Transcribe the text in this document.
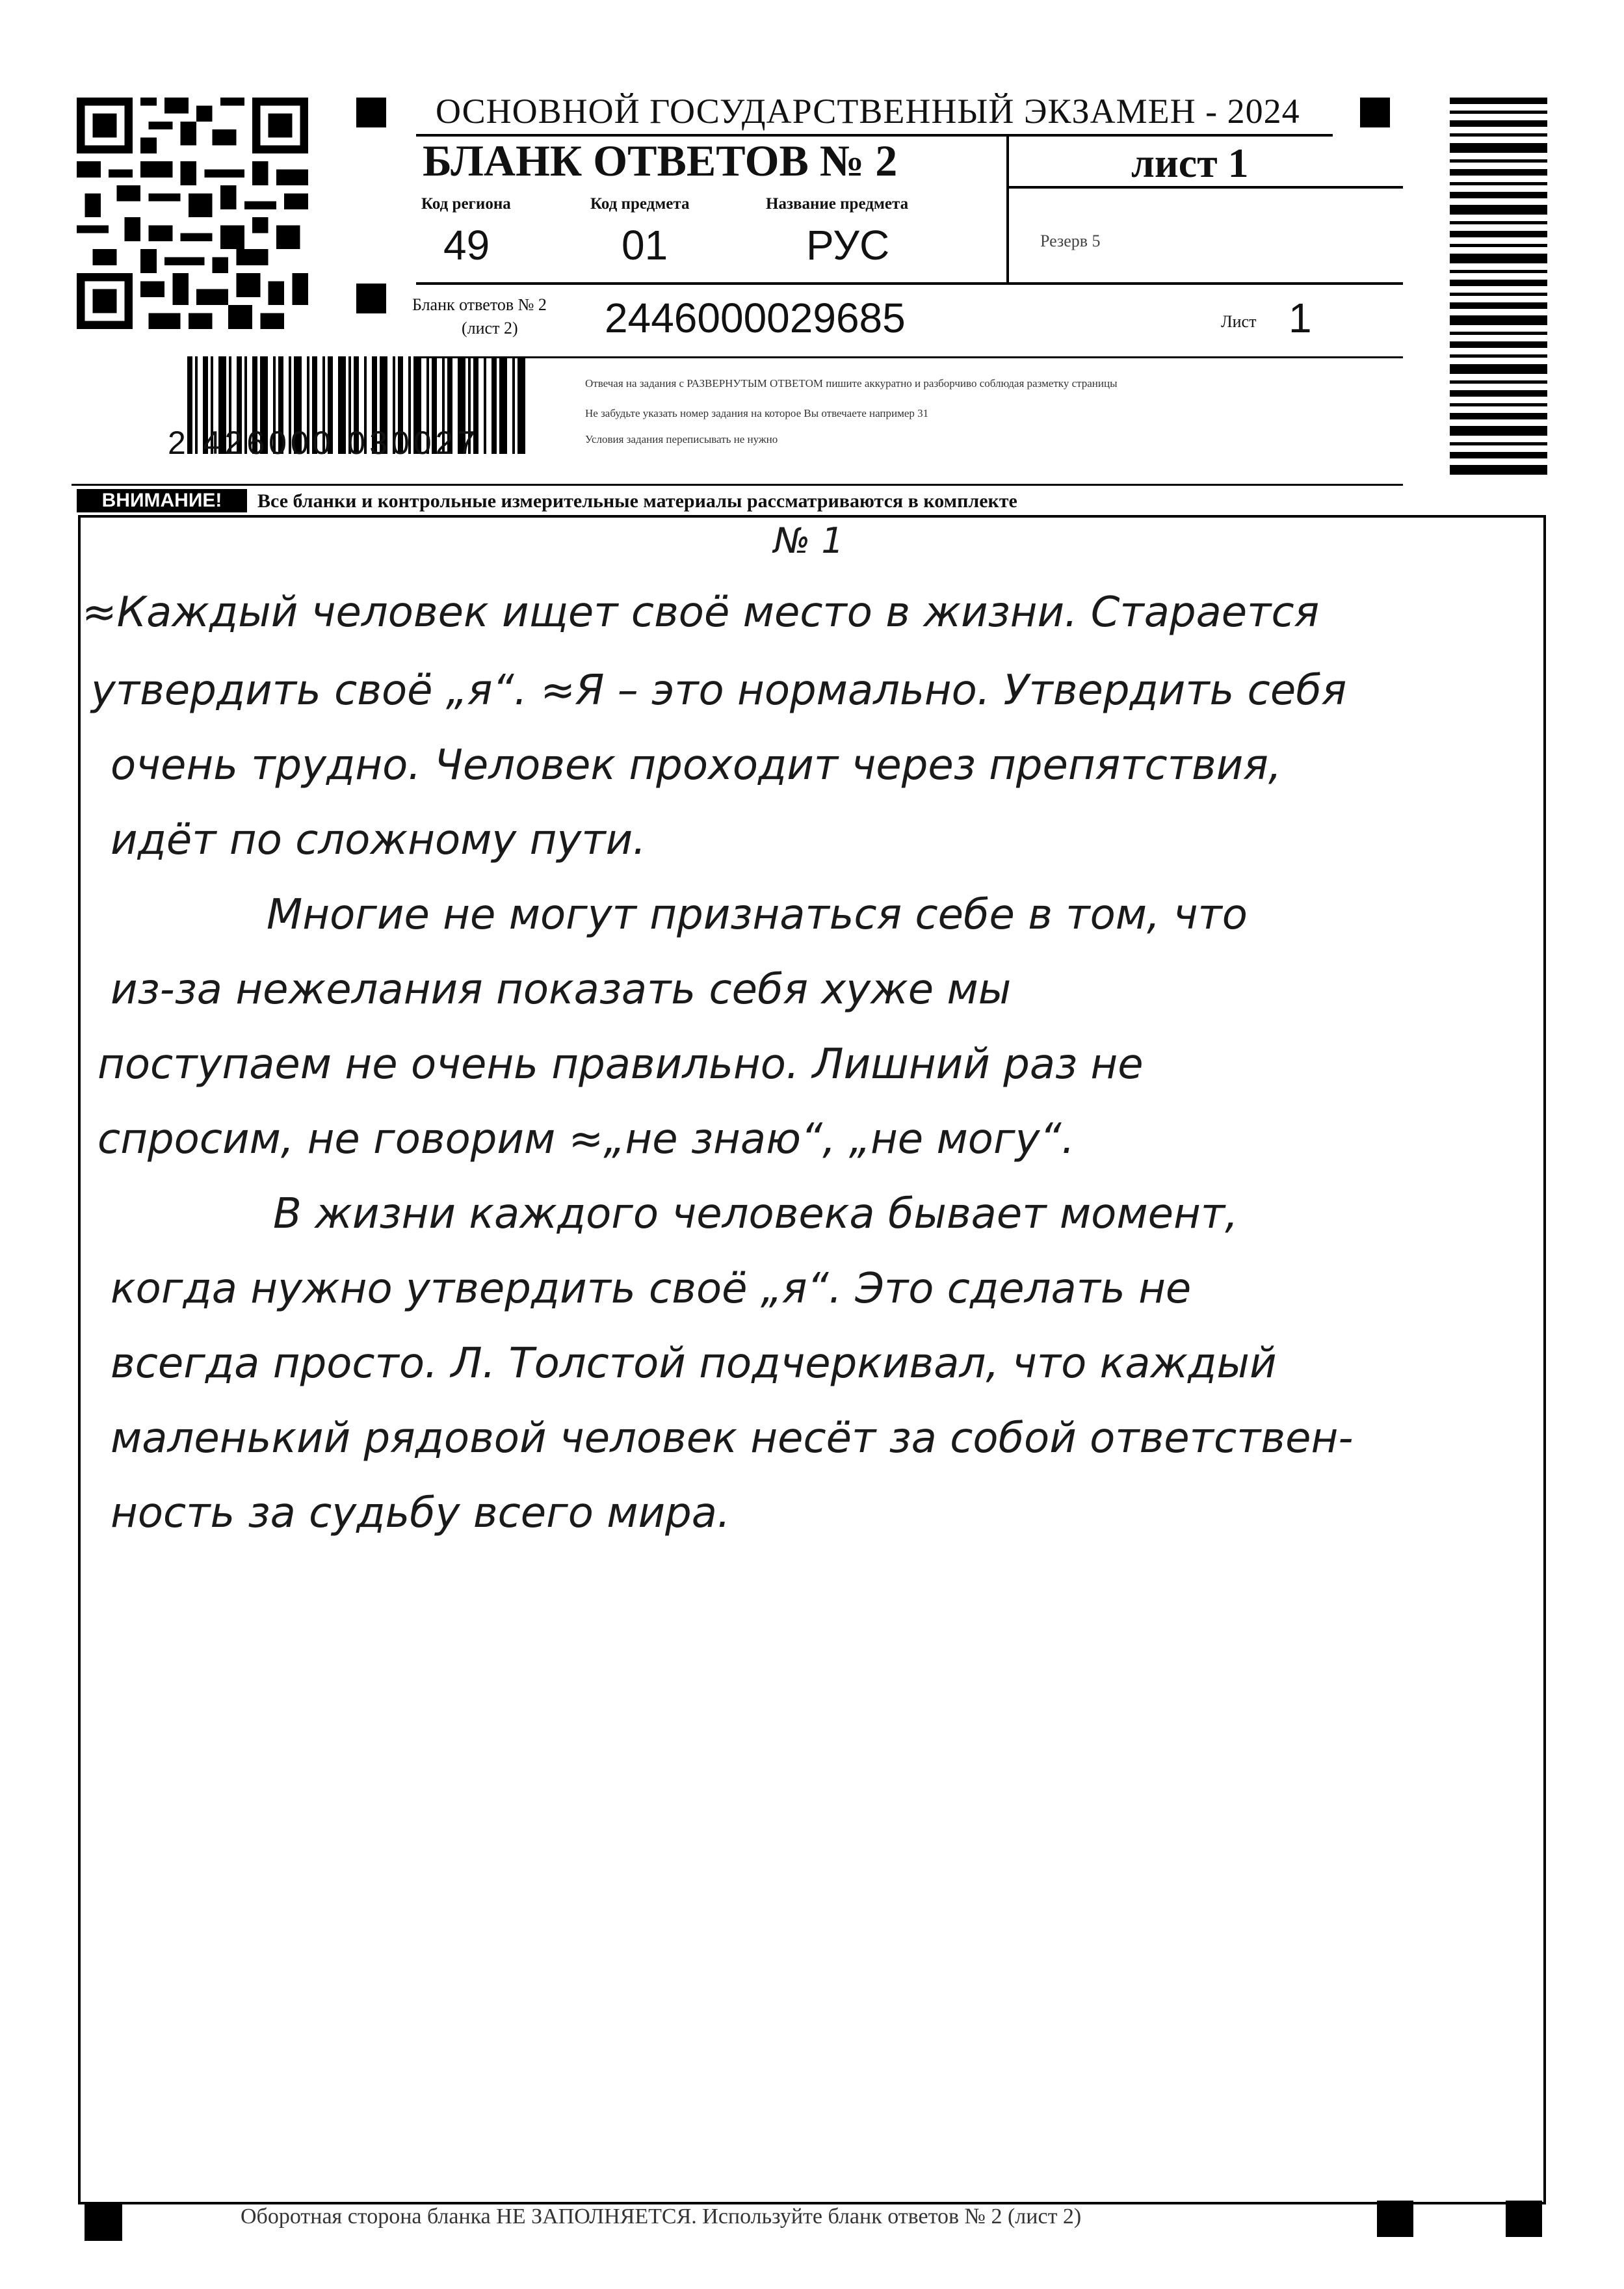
ОСНОВНОЙ ГОСУДАРСТВЕННЫЙ ЭКЗАМЕН - 2024
БЛАНК ОТВЕТОВ № 2	лист 1
Код региона
49
Код предмета
01
Название предмета
РУС	Резерв 5
Бланк ответов № 2
(лист 2) 2446000029685	Лист 1
Отвечая на задания с РАЗВЕРНУТЫМ ОТВЕТОМ пишите аккуратно и разборчиво соблюдая разметку страницы
Не забудьте указать номер задания на которое Вы отвечаете например 31
Условия задания переписывать не нужно
2 426000 030027
ВНИМАНИЕ!	Все бланки и контрольные измерительные материалы рассматриваются в комплекте
№ 1
≈Каждый человек ищет своё место в жизни. Старается
утвердить своё „я“. ≈Я – это нормально. Утвердить себя
очень трудно. Человек проходит через препятствия,
идёт по сложному пути.
Многие не могут признаться себе в том, что
из-за нежелания показать себя хуже мы
поступаем не очень правильно. Лишний раз не
спросим, не говорим ≈„не знаю“, „не могу“.
В жизни каждого человека бывает момент,
когда нужно утвердить своё „я“. Это сделать не
всегда просто. Л. Толстой подчеркивал, что каждый
маленький рядовой человек несёт за собой ответствен-
ность за судьбу всего мира.
Оборотная сторона бланка НЕ ЗАПОЛНЯЕТСЯ. Используйте бланк ответов № 2 (лист 2)
